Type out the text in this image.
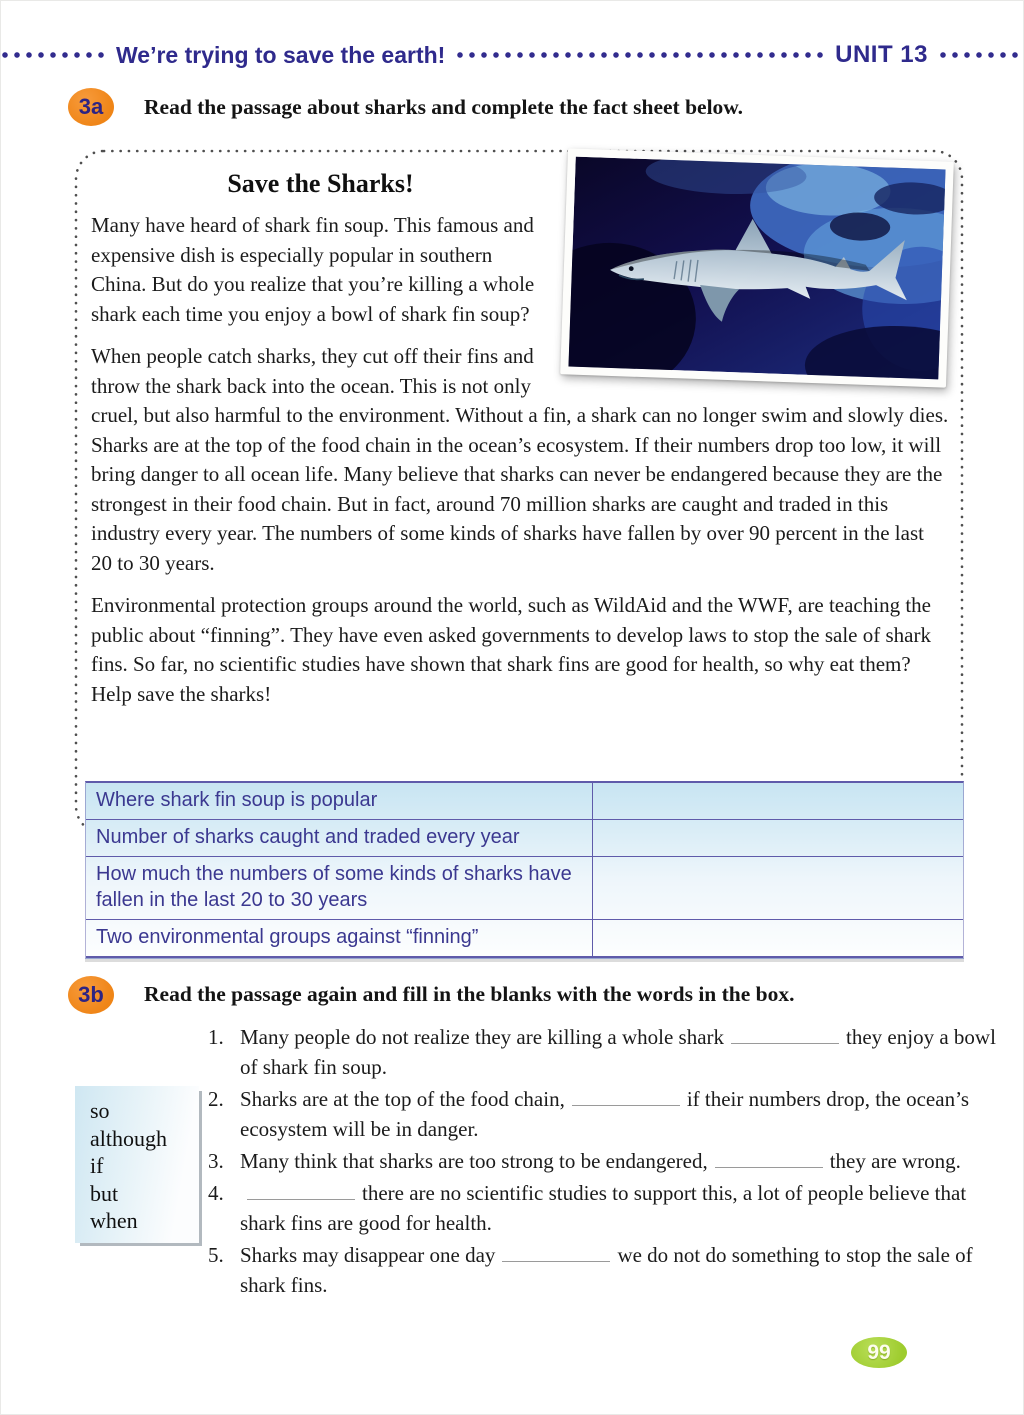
We’re trying to save the earth!	UNIT 13
3a	Read the passage about sharks and complete the fact sheet below.
Save the Sharks!

Many have heard of shark fin soup. This famous and expensive dish is especially popular in southern China. But do you realize that you’re killing a whole shark each time you enjoy a bowl of shark fin soup?

When people catch sharks, they cut off their fins and throw the shark back into the ocean. This is not only cruel, but also harmful to the environment. Without a fin, a shark can no longer swim and slowly dies. Sharks are at the top of the food chain in the ocean’s ecosystem. If their numbers drop too low, it will bring danger to all ocean life. Many believe that sharks can never be endangered because they are the strongest in their food chain. But in fact, around 70 million sharks are caught and traded in this industry every year. The numbers of some kinds of sharks have fallen by over 90 percent in the last 20 to 30 years.

Environmental protection groups around the world, such as WildAid and the WWF, are teaching the public about “finning”. They have even asked governments to develop laws to stop the sale of shark fins. So far, no scientific studies have shown that shark fins are good for health, so why eat them? Help save the sharks!

Where shark fin soup is popular
Number of sharks caught and traded every year
How much the numbers of some kinds of sharks have fallen in the last 20 to 30 years
Two environmental groups against “finning”
3b	Read the passage again and fill in the blanks with the words in the box.
so
although
if
but
when
1. Many people do not realize they are killing a whole shark	they enjoy a bowl of shark fin soup.
2. Sharks are at the top of the food chain,	if their numbers drop, the ocean’s ecosystem will be in danger.
3. Many think that sharks are too strong to be endangered,	they are wrong.
4.	there are no scientific studies to support this, a lot of people believe that shark fins are good for health.
5. Sharks may disappear one day	we do not do something to stop the sale of shark fins.
99
